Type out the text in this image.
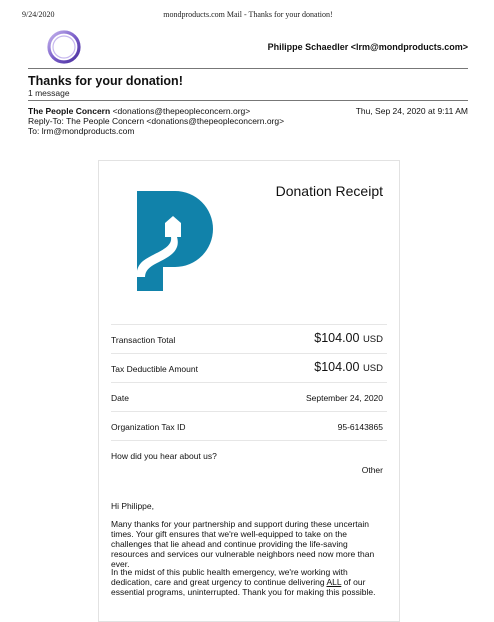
9/24/2020	mondproducts.com Mail - Thanks for your donation!
Philippe Schaedler <lrm@mondproducts.com>
Thanks for your donation!
1 message
The People Concern <donations@thepeopleconcern.org>	Thu, Sep 24, 2020 at 9:11 AM
Reply-To: The People Concern <donations@thepeopleconcern.org>
To: lrm@mondproducts.com
Donation Receipt
Transaction Total	$104.00 USD
Tax Deductible Amount	$104.00 USD
Date	September 24, 2020
Organization Tax ID	95-6143865
How did you hear about us?
Other
Hi Philippe,
Many thanks for your partnership and support during these uncertain times. Your gift ensures that we're well-equipped to take on the challenges that lie ahead and continue providing the life-saving resources and services our vulnerable neighbors need now more than ever.
In the midst of this public health emergency, we're working with dedication, care and great urgency to continue delivering ALL of our essential programs, uninterrupted. Thank you for making this possible.
